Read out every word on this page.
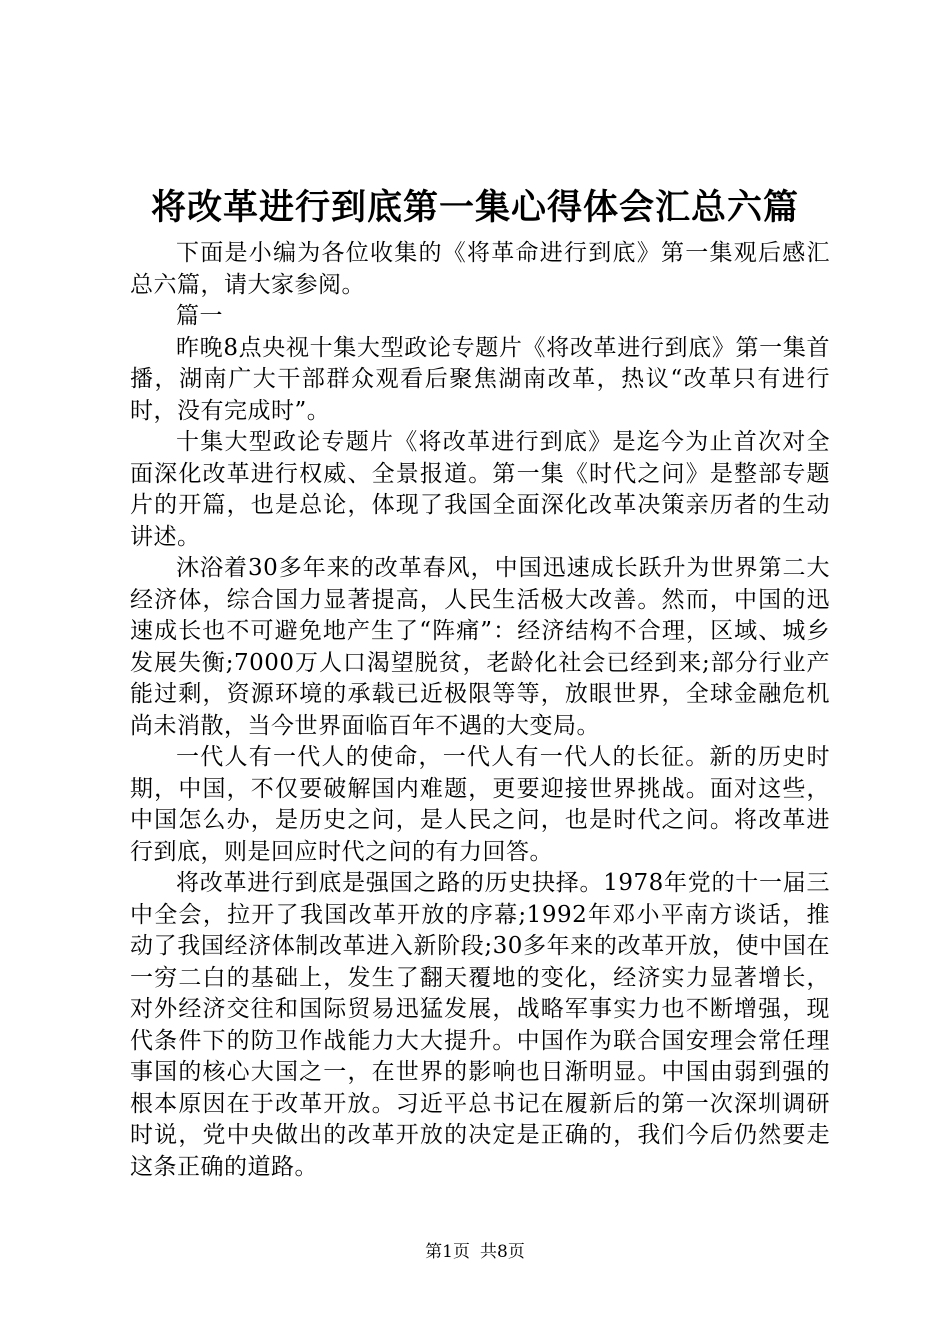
将改革进行到底第一集心得体会汇总六篇

下面是小编为各位收集的《将革命进行到底》第一集观后感汇总六篇，请大家参阅。

篇一

昨晚8点央视十集大型政论专题片《将改革进行到底》第一集首播，湖南广大干部群众观看后聚焦湖南改革，热议“改革只有进行时，没有完成时”。

十集大型政论专题片《将改革进行到底》是迄今为止首次对全面深化改革进行权威、全景报道。第一集《时代之问》是整部专题片的开篇，也是总论，体现了我国全面深化改革决策亲历者的生动讲述。

沐浴着30多年来的改革春风，中国迅速成长跃升为世界第二大经济体，综合国力显著提高，人民生活极大改善。然而，中国的迅速成长也不可避免地产生了“阵痛”：经济结构不合理，区域、城乡发展失衡;7000万人口渴望脱贫，老龄化社会已经到来;部分行业产能过剩，资源环境的承载已近极限等等，放眼世界，全球金融危机尚未消散，当今世界面临百年不遇的大变局。

一代人有一代人的使命，一代人有一代人的长征。新的历史时期，中国，不仅要破解国内难题，更要迎接世界挑战。面对这些，中国怎么办，是历史之问，是人民之问，也是时代之问。将改革进行到底，则是回应时代之问的有力回答。

将改革进行到底是强国之路的历史抉择。1978年党的十一届三中全会，拉开了我国改革开放的序幕;1992年邓小平南方谈话，推动了我国经济体制改革进入新阶段;30多年来的改革开放，使中国在一穷二白的基础上，发生了翻天覆地的变化，经济实力显著增长，对外经济交往和国际贸易迅猛发展，战略军事实力也不断增强，现代条件下的防卫作战能力大大提升。中国作为联合国安理会常任理事国的核心大国之一，在世界的影响也日渐明显。中国由弱到强的根本原因在于改革开放。习近平总书记在履新后的第一次深圳调研时说，党中央做出的改革开放的决定是正确的，我们今后仍然要走这条正确的道路。

第1页 共8页
